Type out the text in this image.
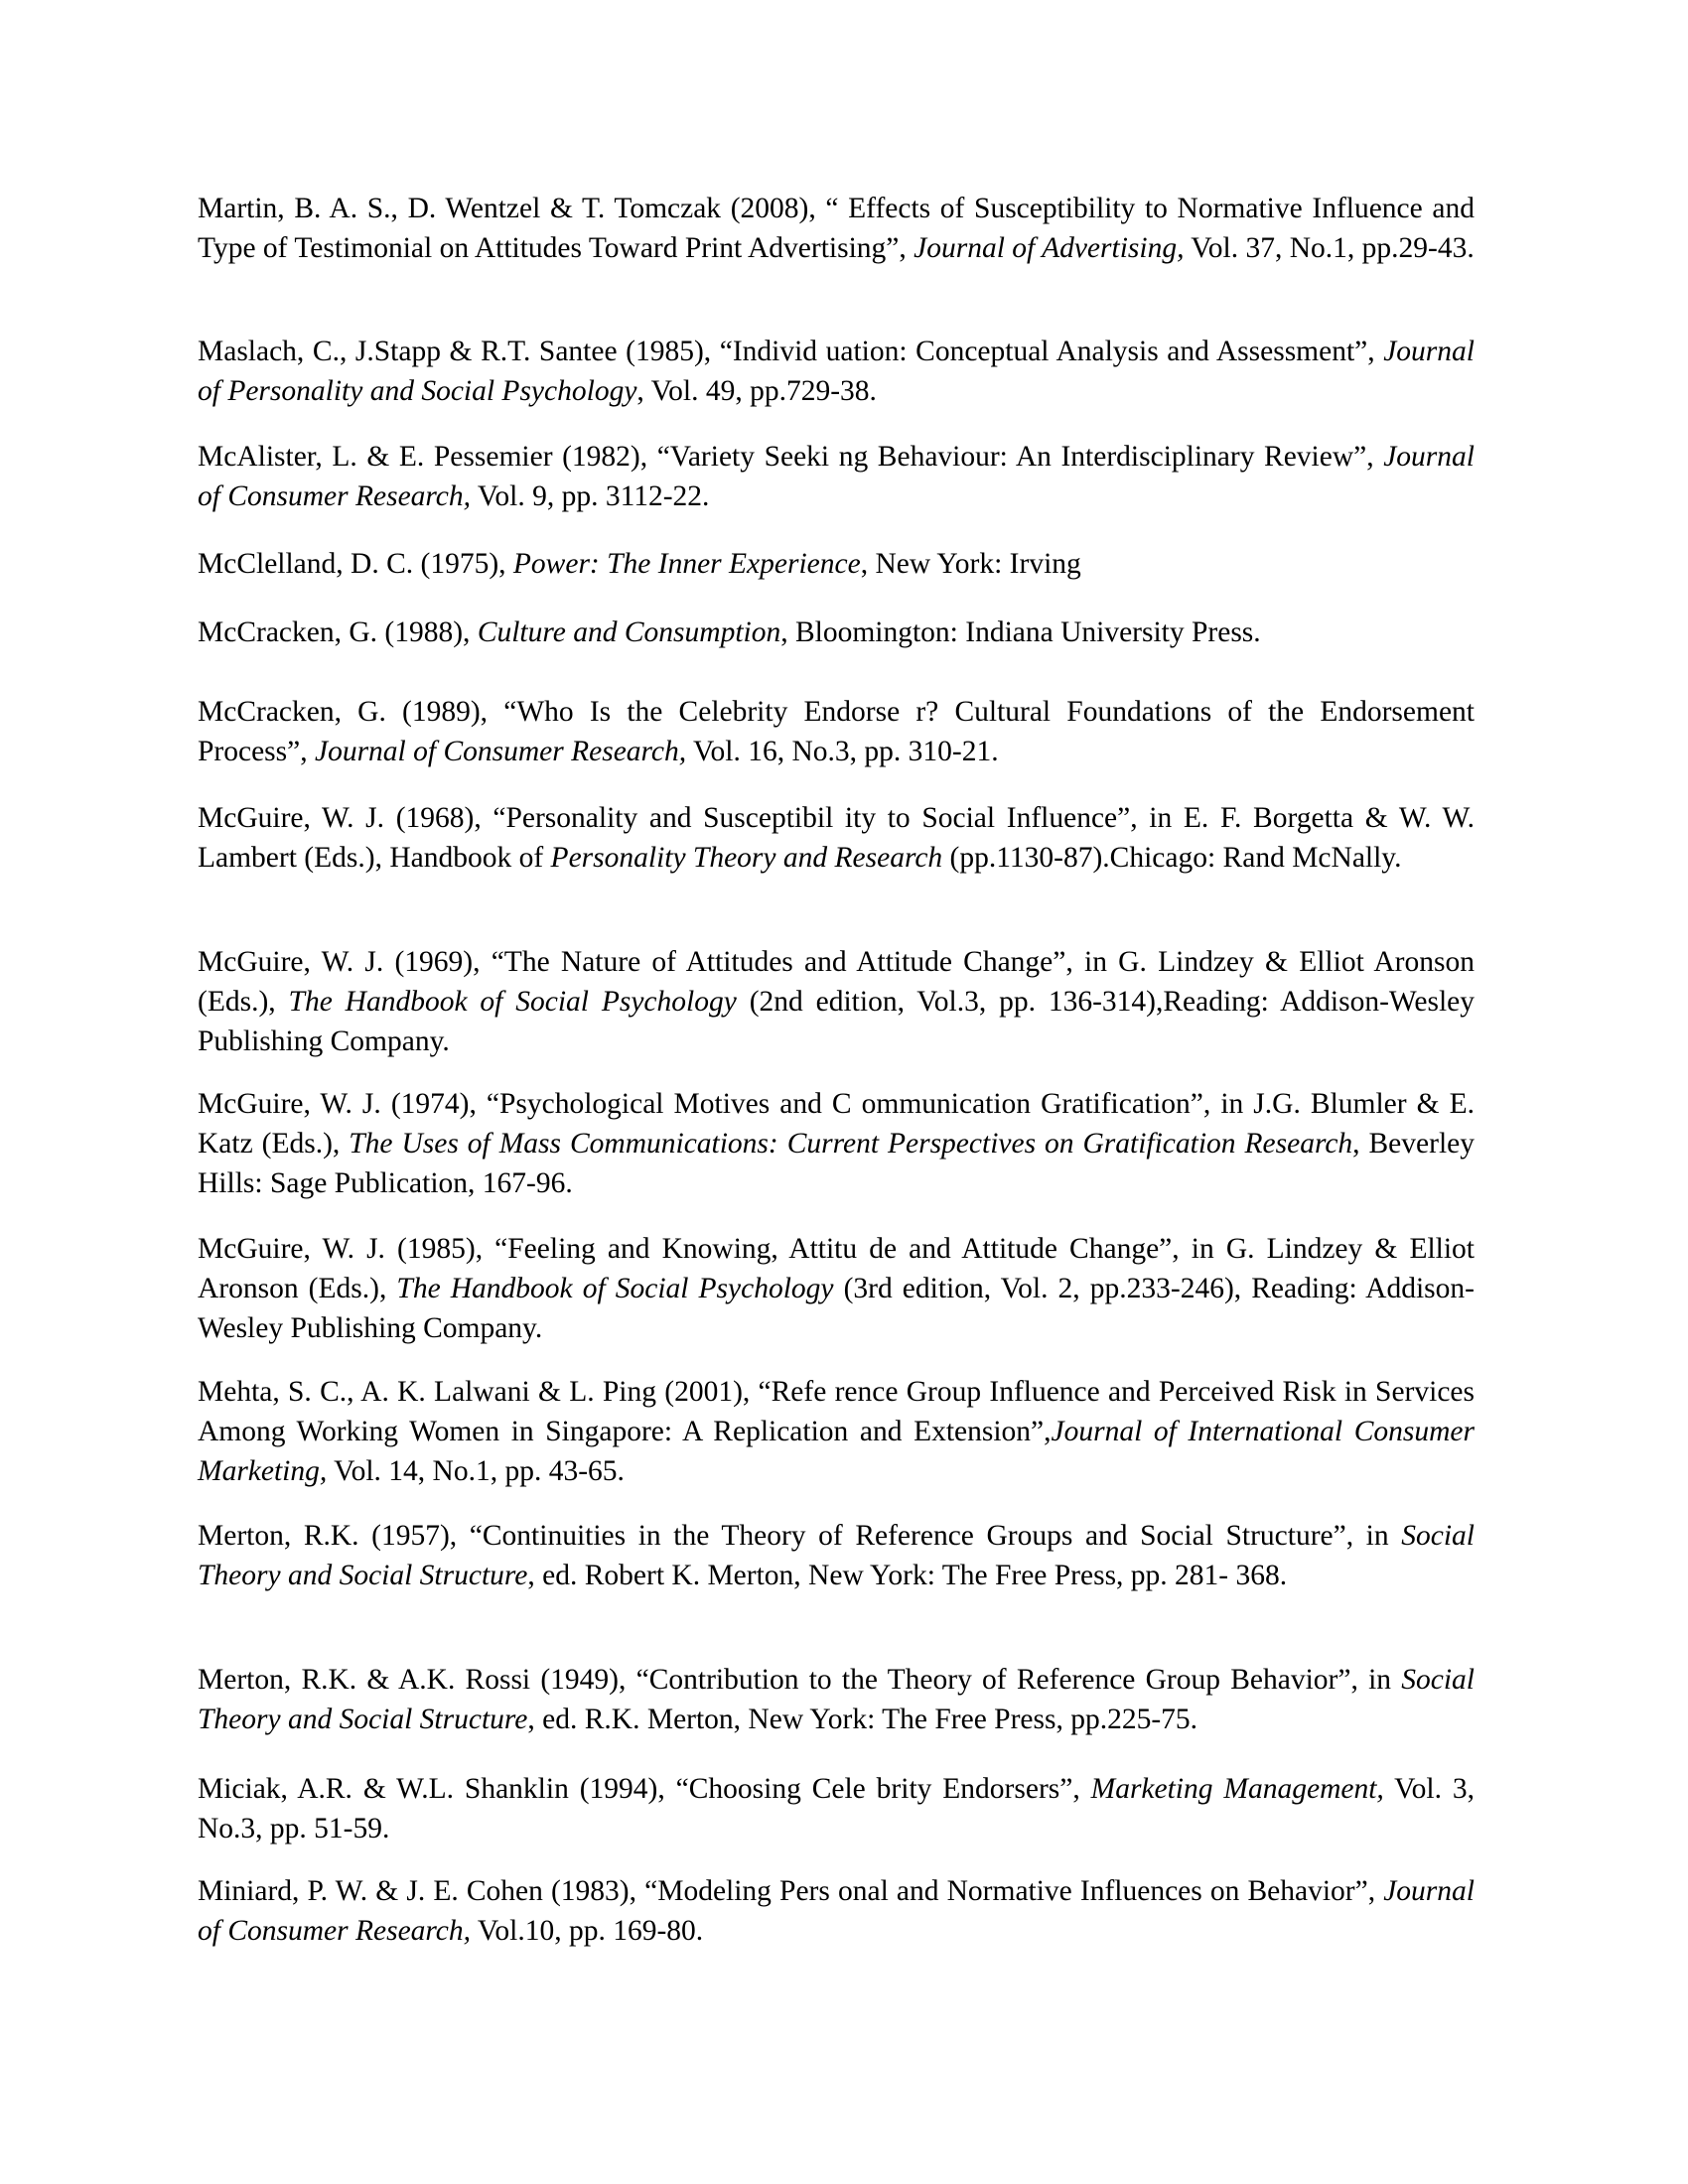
Martin, B. A. S., D. Wentzel & T. Tomczak (2008), “ Effects of Susceptibility to Normative Influence and Type of Testimonial on Attitudes Toward Print Advertising”, Journal of Advertising, Vol. 37, No.1, pp.29-43.

Maslach, C., J.Stapp & R.T. Santee (1985), “Individ uation: Conceptual Analysis and Assessment”, Journal of Personality and Social Psychology, Vol. 49, pp.729-38.

McAlister, L. & E. Pessemier (1982), “Variety Seeki ng Behaviour: An Interdisciplinary Review”, Journal of Consumer Research, Vol. 9, pp. 3112-22.

McClelland, D. C. (1975), Power: The Inner Experience, New York: Irving

McCracken, G. (1988), Culture and Consumption, Bloomington: Indiana University Press.

McCracken, G. (1989), “Who Is the Celebrity Endorse r? Cultural Foundations of the Endorsement Process”, Journal of Consumer Research, Vol. 16, No.3, pp. 310-21.

McGuire, W. J. (1968), “Personality and Susceptibil ity to Social Influence”, in E. F. Borgetta & W. W. Lambert (Eds.), Handbook of Personality Theory and Research (pp.1130-87).Chicago: Rand McNally.

McGuire, W. J. (1969), “The Nature of Attitudes and Attitude Change”, in G. Lindzey & Elliot Aronson (Eds.), The Handbook of Social Psychology (2nd edition, Vol.3, pp. 136-314),Reading: Addison-Wesley Publishing Company.

McGuire, W. J. (1974), “Psychological Motives and C ommunication Gratification”, in J.G. Blumler & E. Katz (Eds.), The Uses of Mass Communications: Current Perspectives on Gratification Research, Beverley Hills: Sage Publication, 167-96.

McGuire, W. J. (1985), “Feeling and Knowing, Attitu de and Attitude Change”, in G. Lindzey & Elliot Aronson (Eds.), The Handbook of Social Psychology (3rd edition, Vol. 2, pp.233-246), Reading: Addison-Wesley Publishing Company.

Mehta, S. C., A. K. Lalwani & L. Ping (2001), “Refe rence Group Influence and Perceived Risk in Services Among Working Women in Singapore: A Replication and Extension”,Journal of International Consumer Marketing, Vol. 14, No.1, pp. 43-65.

Merton, R.K. (1957), “Continuities in the Theory of Reference Groups and Social Structure”, in Social Theory and Social Structure, ed. Robert K. Merton, New York: The Free Press, pp. 281- 368.

Merton, R.K. & A.K. Rossi (1949), “Contribution to the Theory of Reference Group Behavior”, in Social Theory and Social Structure, ed. R.K. Merton, New York: The Free Press, pp.225-75.

Miciak, A.R. & W.L. Shanklin (1994), “Choosing Cele brity Endorsers”, Marketing Management, Vol. 3, No.3, pp. 51-59.

Miniard, P. W. & J. E. Cohen (1983), “Modeling Pers onal and Normative Influences on Behavior”, Journal of Consumer Research, Vol.10, pp. 169-80.
